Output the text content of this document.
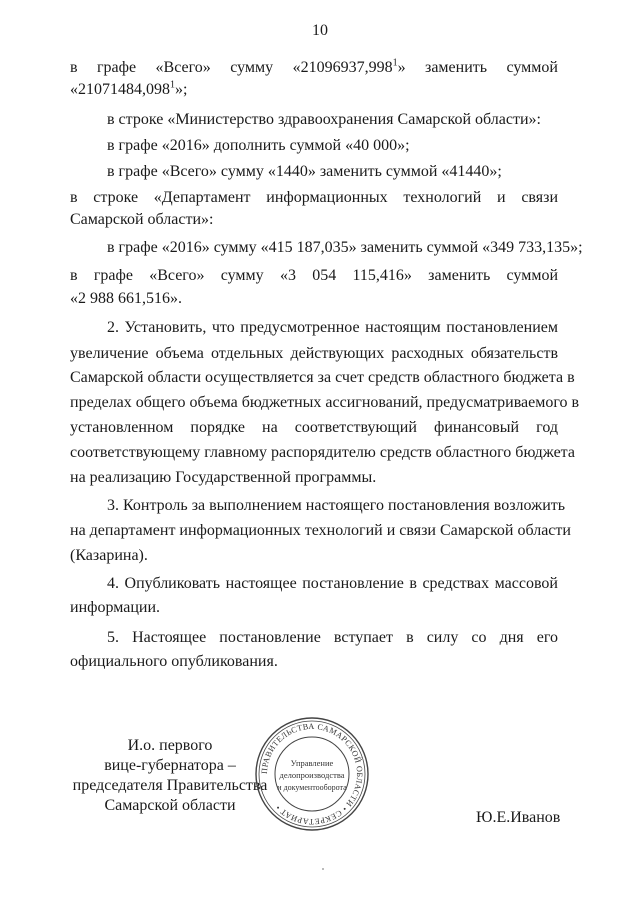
10
в графе «Всего» сумму «21096937,998$^1$» заменить суммой
«21071484,098$^1$»;
в строке «Министерство здравоохранения Самарской области»:
в графе «2016» дополнить суммой «40 000»;
в графе «Всего» сумму «1440» заменить суммой «41440»;
в строке «Департамент информационных технологий и связи
Самарской области»:
в графе «2016» сумму «415 187,035» заменить суммой «349 733,135»;
в графе «Всего» сумму «3 054 115,416» заменить суммой
«2 988 661,516».
2. Установить, что предусмотренное настоящим постановлением
увеличение объема отдельных действующих расходных обязательств
Самарской области осуществляется за счет средств областного бюджета в
пределах общего объема бюджетных ассигнований, предусматриваемого в
установленном порядке на соответствующий финансовый год
соответствующему главному распорядителю средств областного бюджета
на реализацию Государственной программы.
3. Контроль за выполнением настоящего постановления возложить
на департамент информационных технологий и связи Самарской области
(Казарина).
4. Опубликовать настоящее постановление в средствах массовой
информации.
5. Настоящее постановление вступает в силу со дня его
официального опубликования.
И.о. первого
вице-губернатора –
председателя Правительства
Самарской области
ПРАВИТЕЛЬСТВА САМАРСКОЙ ОБЛАСТИ • СЕКРЕТАРИАТ •
Управление
делопроизводства
и документооборота
Ю.Е.Иванов
